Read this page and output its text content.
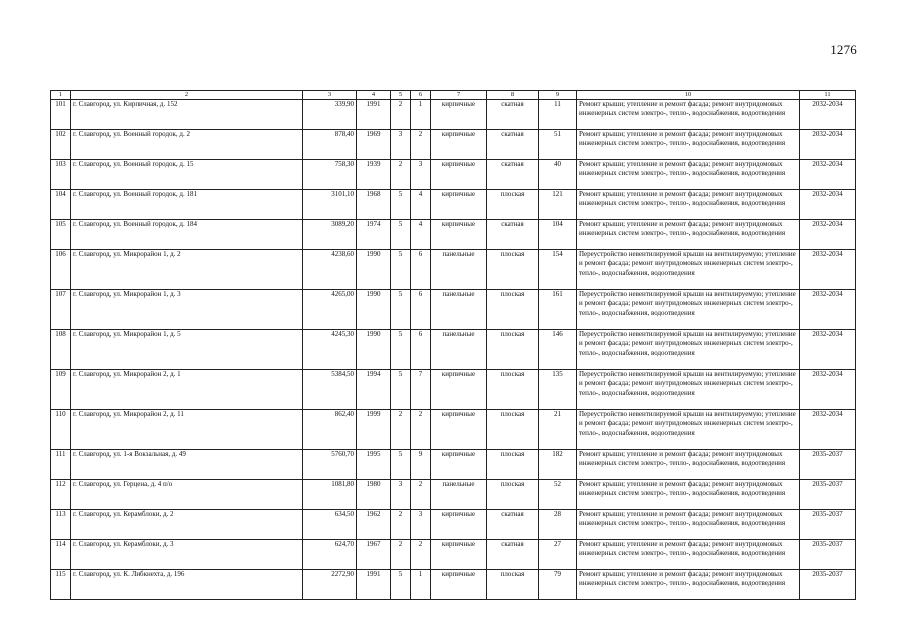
1276
1	2	3	4	5	6	7	8	9	10	11
101	г. Славгород, ул. Кирпичная, д. 152	339,90	1991	2	1	кирпичные	скатная	11	Ремонт крыши; утепление и ремонт фасада; ремонт внутридомовых инженерных систем электро-, тепло-, водоснабжения, водоотведения	2032-2034
102	г. Славгород, ул. Военный городок, д. 2	878,40	1969	3	2	кирпичные	скатная	51	Ремонт крыши; утепление и ремонт фасада; ремонт внутридомовых инженерных систем электро-, тепло-, водоснабжения, водоотведения	2032-2034
103	г. Славгород, ул. Военный городок, д. 15	758,30	1939	2	3	кирпичные	скатная	40	Ремонт крыши; утепление и ремонт фасада; ремонт внутридомовых инженерных систем электро-, тепло-, водоснабжения, водоотведения	2032-2034
104	г. Славгород, ул. Военный городок, д. 181	3101,10	1968	5	4	кирпичные	плоская	121	Ремонт крыши; утепление и ремонт фасада; ремонт внутридомовых инженерных систем электро-, тепло-, водоснабжения, водоотведения	2032-2034
105	г. Славгород, ул. Военный городок, д. 184	3089,20	1974	5	4	кирпичные	скатная	104	Ремонт крыши; утепление и ремонт фасада; ремонт внутридомовых инженерных систем электро-, тепло-, водоснабжения, водоотведения	2032-2034
106	г. Славгород, ул. Микрорайон 1, д. 2	4238,60	1990	5	6	панельные	плоская	154	Переустройство невентилируемой крыши на вентилируемую; утепление и ремонт фасада; ремонт внутридомовых инженерных систем электро-, тепло-, водоснабжения, водоотведения	2032-2034
107	г. Славгород, ул. Микрорайон 1, д. 3	4265,00	1990	5	6	панельные	плоская	161	Переустройство невентилируемой крыши на вентилируемую; утепление и ремонт фасада; ремонт внутридомовых инженерных систем электро-, тепло-, водоснабжения, водоотведения	2032-2034
108	г. Славгород, ул. Микрорайон 1, д. 5	4245,30	1990	5	6	панельные	плоская	146	Переустройство невентилируемой крыши на вентилируемую; утепление и ремонт фасада; ремонт внутридомовых инженерных систем электро-, тепло-, водоснабжения, водоотведения	2032-2034
109	г. Славгород, ул. Микрорайон 2, д. 1	5384,50	1994	5	7	кирпичные	плоская	135	Переустройство невентилируемой крыши на вентилируемую; утепление и ремонт фасада; ремонт внутридомовых инженерных систем электро-, тепло-, водоснабжения, водоотведения	2032-2034
110	г. Славгород, ул. Микрорайон 2, д. 11	862,40	1999	2	2	кирпичные	плоская	21	Переустройство невентилируемой крыши на вентилируемую; утепление и ремонт фасада; ремонт внутридомовых инженерных систем электро-, тепло-, водоснабжения, водоотведения	2032-2034
111	г. Славгород, ул. 1-я Вокзальная, д. 49	5760,70	1995	5	9	кирпичные	плоская	182	Ремонт крыши; утепление и ремонт фасада; ремонт внутридомовых инженерных систем электро-, тепло-, водоснабжения, водоотведения	2035-2037
112	г. Славгород, ул. Герцена, д. 4 п/о	1081,80	1980	3	2	панельные	плоская	52	Ремонт крыши; утепление и ремонт фасада; ремонт внутридомовых инженерных систем электро-, тепло-, водоснабжения, водоотведения	2035-2037
113	г. Славгород, ул. Керамблоки, д. 2	634,50	1962	2	3	кирпичные	скатная	28	Ремонт крыши; утепление и ремонт фасада; ремонт внутридомовых инженерных систем электро-, тепло-, водоснабжения, водоотведения	2035-2037
114	г. Славгород, ул. Керамблоки, д. 3	624,70	1967	2	2	кирпичные	скатная	27	Ремонт крыши; утепление и ремонт фасада; ремонт внутридомовых инженерных систем электро-, тепло-, водоснабжения, водоотведения	2035-2037
115	г. Славгород, ул. К. Либкнехта, д. 196	2272,90	1991	5	1	кирпичные	плоская	79	Ремонт крыши; утепление и ремонт фасада; ремонт внутридомовых инженерных систем электро-, тепло-, водоснабжения, водоотведения	2035-2037
